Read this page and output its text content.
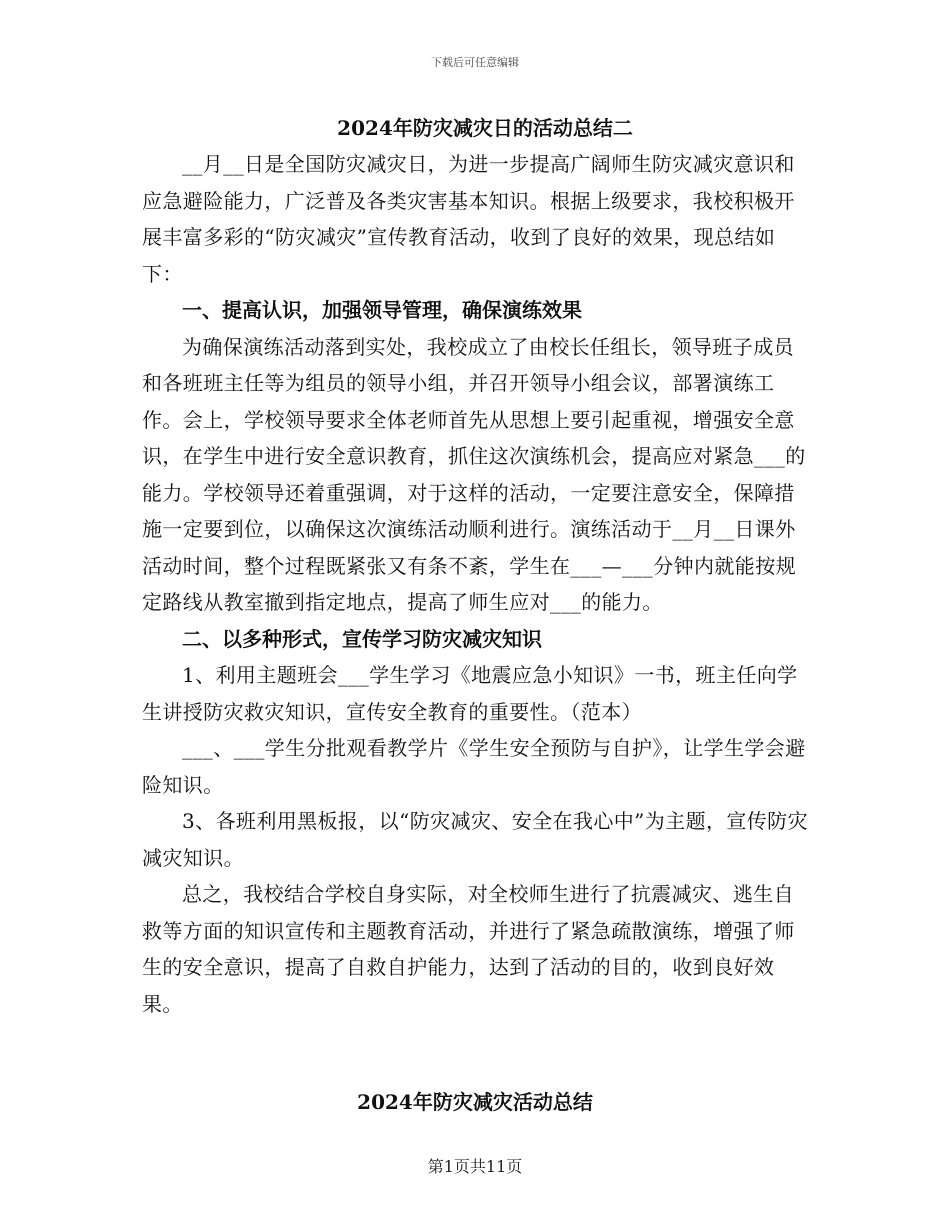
下载后可任意编辑
2024年防灾减灾日的活动总结二

__月__日是全国防灾减灾日，为进一步提高广阔师生防灾减灾意识和应急避险能力，广泛普及各类灾害基本知识。根据上级要求，我校积极开展丰富多彩的“防灾减灾”宣传教育活动，收到了良好的效果，现总结如下：

一、提高认识，加强领导管理，确保演练效果

为确保演练活动落到实处，我校成立了由校长任组长，领导班子成员和各班班主任等为组员的领导小组，并召开领导小组会议，部署演练工作。会上，学校领导要求全体老师首先从思想上要引起重视，增强安全意识，在学生中进行安全意识教育，抓住这次演练机会，提高应对紧急___的能力。学校领导还着重强调，对于这样的活动，一定要注意安全，保障措施一定要到位，以确保这次演练活动顺利进行。演练活动于__月__日课外活动时间，整个过程既紧张又有条不紊，学生在___—___分钟内就能按规定路线从教室撤到指定地点，提高了师生应对___的能力。

二、以多种形式，宣传学习防灾减灾知识

1、利用主题班会___学生学习《地震应急小知识》一书，班主任向学生讲授防灾救灾知识，宣传安全教育的重要性。（范本）

___、___学生分批观看教学片《学生安全预防与自护》，让学生学会避险知识。

3、各班利用黑板报，以“防灾减灾、安全在我心中”为主题，宣传防灾减灾知识。

总之，我校结合学校自身实际，对全校师生进行了抗震减灾、逃生自救等方面的知识宣传和主题教育活动，并进行了紧急疏散演练，增强了师生的安全意识，提高了自救自护能力，达到了活动的目的，收到良好效果。

2024年防灾减灾活动总结
第1页共11页
